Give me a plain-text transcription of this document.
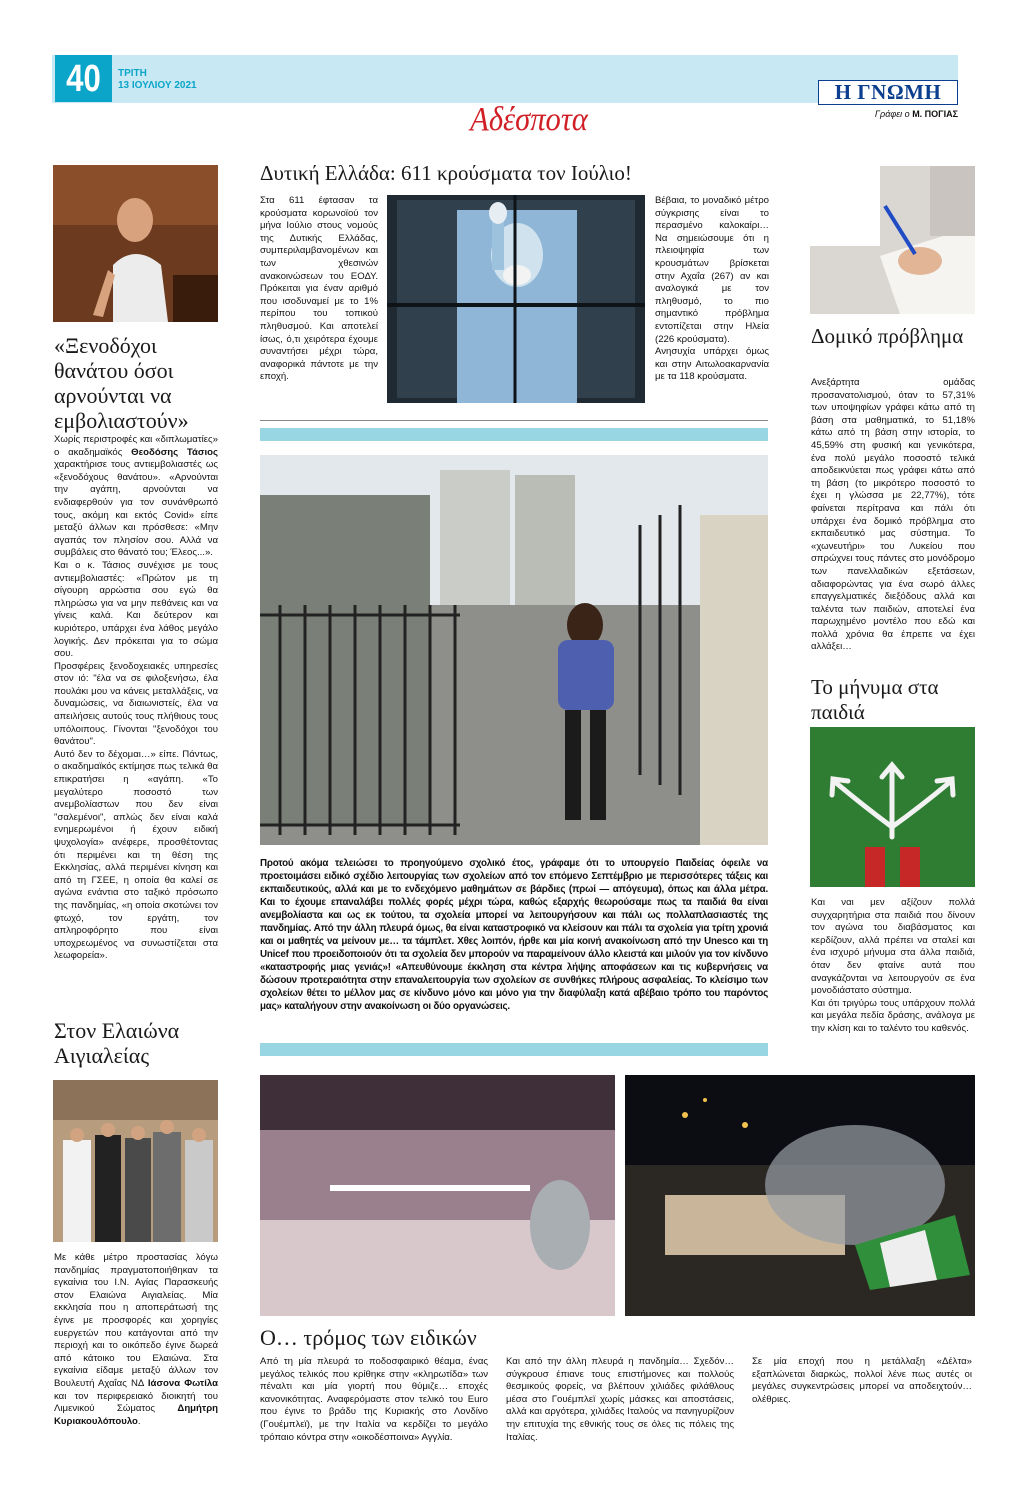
40	ΤΡΙΤΗ
13 ΙΟΥΛΙΟΥ 2021
Αδέσποτα
Η ΓΝΩΜΗ
Γράφει ο Μ. ΠΟΓΙΑΣ
«Ξενοδόχοι θανάτου όσοι αρνούνται να εμβολιαστούν»

Χωρίς περιστροφές και «διπλωματίες» ο ακαδημαϊκός Θεοδόσης Τάσιος χαρακτήρισε τους αντιεμβολιαστές ως «ξενοδόχους θανάτου». «Αρνούνται την αγάπη, αρνούνται να ενδιαφερθούν για τον συνάνθρωπό τους, ακόμη και εκτός Covid» είπε μεταξύ άλλων και πρόσθεσε: «Μην αγαπάς τον πλησίον σου. Αλλά να συμβάλεις στο θάνατό του; Έλεος...».

Και ο κ. Τάσιος συνέχισε με τους αντιεμβολιαστές: «Πρώτον με τη σίγουρη αρρώστια σου εγώ θα πληρώσω για να μην πεθάνεις και να γίνεις καλά. Και δεύτερον και κυριότερο, υπάρχει ένα λάθος μεγάλο λογικής. Δεν πρόκειται για το σώμα σου.

Προσφέρεις ξενοδοχειακές υπηρεσίες στον ιό: "έλα να σε φιλοξενήσω, έλα πουλάκι μου να κάνεις μεταλλάξεις, να δυναμώσεις, να διαιωνιστείς, έλα να απειλήσεις αυτούς τους πλήθιους τους υπόλοιπους. Γίνονται "ξενοδόχοι του θανάτου".

Αυτό δεν το δέχομαι…» είπε. Πάντως, ο ακαδημαϊκός εκτίμησε πως τελικά θα επικρατήσει η «αγάπη. «Το μεγαλύτερο ποσοστό των ανεμβολίαστων που δεν είναι "σαλεμένοι", απλώς δεν είναι καλά ενημερωμένοι ή έχουν ειδική ψυχολογία» ανέφερε, προσθέτοντας ότι περιμένει και τη θέση της Εκκλησίας, αλλά περιμένει κίνηση και από τη ΓΣΕΕ, η οποία θα καλεί σε αγώνα ενάντια στο ταξικό πρόσωπο της πανδημίας, «η οποία σκοτώνει τον φτωχό, τον εργάτη, τον απληροφόρητο που είναι υποχρεωμένος να συνωστίζεται στα λεωφορεία».

Στον Ελαιώνα Αιγιαλείας
Με κάθε μέτρο προστασίας λόγω πανδημίας πραγματοποιήθηκαν τα εγκαίνια του Ι.Ν. Αγίας Παρασκευής στον Ελαιώνα Αιγιαλείας. Μία εκκλησία που η αποπεράτωσή της έγινε με προσφορές και χορηγίες ευεργετών που κατάγονται από την περιοχή και το οικόπεδο έγινε δωρεά από κάτοικο του Ελαιώνα. Στα εγκαίνια είδαμε μεταξύ άλλων τον Βουλευτή Αχαΐας ΝΔ Ιάσονα Φωτίλα και τον περιφερειακό διοικητή του Λιμενικού Σώματος Δημήτρη Κυριακουλόπουλο.
Δυτική Ελλάδα: 611 κρούσματα τον Ιούλιο!
Στα 611 έφτασαν τα κρούσματα κορωνοϊού τον μήνα Ιούλιο στους νομούς της Δυτικής Ελλάδας, συμπεριλαμβανομένων και των χθεσινών ανακοινώσεων του ΕΟΔΥ. Πρόκειται για έναν αριθμό που ισοδυναμεί με το 1% περίπου του τοπικού πληθυσμού. Και αποτελεί ίσως, ό,τι χειρότερα έχουμε συναντήσει μέχρι τώρα, αναφορικά πάντοτε με την εποχή.

Βέβαια, το μοναδικό μέτρο σύγκρισης είναι το περασμένο καλοκαίρι… Να σημειώσουμε ότι η πλειοψηφία των κρουσμάτων βρίσκεται στην Αχαΐα (267) αν και αναλογικά με τον πληθυσμό, το πιο σημαντικό πρόβλημα εντοπίζεται στην Ηλεία (226 κρούσματα).

Ανησυχία υπάρχει όμως και στην Αιτωλοακαρνανία με τα 118 κρούσματα.

Προτού ακόμα τελειώσει το προηγούμενο σχολικό έτος, γράφαμε ότι το υπουργείο Παιδείας όφειλε να προετοιμάσει ειδικό σχέδιο λειτουργίας των σχολείων από τον επόμενο Σεπτέμβριο με περισσότερες τάξεις και εκπαιδευτικούς, αλλά και με το ενδεχόμενο μαθημάτων σε βάρδιες (πρωί — απόγευμα), όπως και άλλα μέτρα. Και το έχουμε επαναλάβει πολλές φορές μέχρι τώρα, καθώς εξαρχής θεωρούσαμε πως τα παιδιά θα είναι ανεμβολίαστα και ως εκ τούτου, τα σχολεία μπορεί να λειτουργήσουν και πάλι ως πολλαπλασιαστές της πανδημίας. Από την άλλη πλευρά όμως, θα είναι καταστροφικό να κλείσουν και πάλι τα σχολεία για τρίτη χρονιά και οι μαθητές να μείνουν με… τα τάμπλετ. Χθες λοιπόν, ήρθε και μία κοινή ανακοίνωση από την Unesco και τη Unicef που προειδοποιούν ότι τα σχολεία δεν μπορούν να παραμείνουν άλλο κλειστά και μιλούν για τον κίνδυνο «καταστροφής μιας γενιάς»! «Απευθύνουμε έκκληση στα κέντρα λήψης αποφάσεων και τις κυβερνήσεις να δώσουν προτεραιότητα στην επαναλειτουργία των σχολείων σε συνθήκες πλήρους ασφαλείας. Το κλείσιμο των σχολείων θέτει το μέλλον μας σε κίνδυνο μόνο και μόνο για την διαφύλαξη κατά αβέβαιο τρόπο του παρόντος μας» καταλήγουν στην ανακοίνωση οι δύο οργανώσεις.
Ο… τρόμος των ειδικών
Από τη μία πλευρά το ποδοσφαιρικό θέαμα, ένας μεγάλος τελικός που κρίθηκε στην «κληρωτίδα» των πέναλτι και μία γιορτή που θύμιζε… εποχές κανονικότητας. Αναφερόμαστε στον τελικό του Euro που έγινε το βράδυ της Κυριακής στο Λονδίνο (Γουέμπλεϊ), με την Ιταλία να κερδίζει το μεγάλο τρόπαιο κόντρα στην «οικοδέσποινα» Αγγλία.
Και από την άλλη πλευρά η πανδημία… Σχεδόν… σύγκρουσ έπιανε τους επιστήμονες και πολλούς θεσμικούς φορείς, να βλέπουν χιλιάδες φιλάθλους μέσα στο Γουέμπλεϊ χωρίς μάσκες και αποστάσεις, αλλά και αργότερα, χιλιάδες Ιταλούς να πανηγυρίζουν την επιτυχία της εθνικής τους σε όλες τις πόλεις της Ιταλίας.
Σε μία εποχή που η μετάλλαξη «Δέλτα» εξαπλώνεται διαρκώς, πολλοί λένε πως αυτές οι μεγάλες συγκεντρώσεις μπορεί να αποδειχτούν… ολέθριες.
Δομικό πρόβλημα
Ανεξάρτητα ομάδας προσανατολισμού, όταν το 57,31% των υποψηφίων γράφει κάτω από τη βάση στα μαθηματικά, το 51,18% κάτω από τη βάση στην ιστορία, το 45,59% στη φυσική και γενικότερα, ένα πολύ μεγάλο ποσοστό τελικά αποδεικνύεται πως γράφει κάτω από τη βάση (το μικρότερο ποσοστό το έχει η γλώσσα με 22,77%), τότε φαίνεται περίτρανα και πάλι ότι υπάρχει ένα δομικό πρόβλημα στο εκπαιδευτικό μας σύστημα. Το «χωνευτήρι» του Λυκείου που σπρώχνει τους πάντες στο μονόδρομο των πανελλαδικών εξετάσεων, αδιαφορώντας για ένα σωρό άλλες επαγγελματικές διεξόδους αλλά και ταλέντα των παιδιών, αποτελεί ένα παρωχημένο μοντέλο που εδώ και πολλά χρόνια θα έπρεπε να έχει αλλάξει…
Το μήνυμα στα παιδιά

Και ναι μεν αξίζουν πολλά συγχαρητήρια στα παιδιά που δίνουν τον αγώνα του διαβάσματος και κερδίζουν, αλλά πρέπει να σταλεί και ένα ισχυρό μήνυμα στα άλλα παιδιά, όταν δεν φταίνε αυτά που αναγκάζονται να λειτουργούν σε ένα μονοδιάστατο σύστημα.

Και ότι τριγύρω τους υπάρχουν πολλά και μεγάλα πεδία δράσης, ανάλογα με την κλίση και το ταλέντο του καθενός.
